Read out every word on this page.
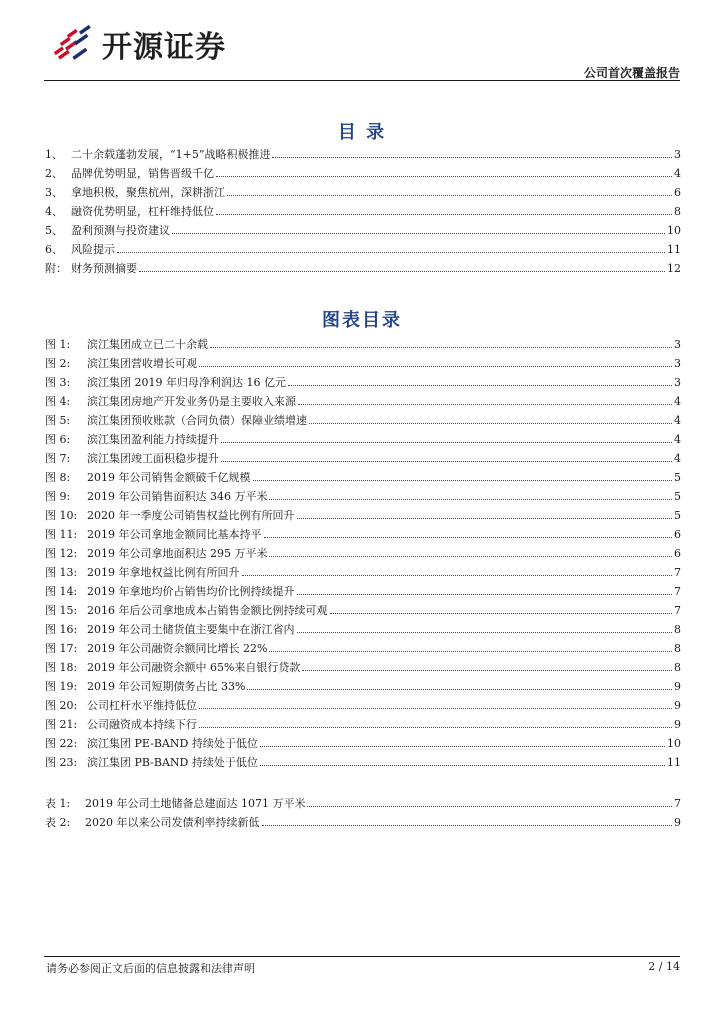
开源证券
公司首次覆盖报告
目 录
1、 二十余载蓬勃发展，“1+5”战略积极推进	3
2、 品牌优势明显，销售晋级千亿	4
3、 拿地积极，聚焦杭州，深耕浙江	6
4、 融资优势明显，杠杆维持低位	8
5、 盈利预测与投资建议	10
6、 风险提示	11
附： 财务预测摘要	12
图表目录
图 1:	滨江集团成立已二十余载	3
图 2:	滨江集团营收增长可观	3
图 3:	滨江集团 2019 年归母净利润达 16 亿元	3
图 4:	滨江集团房地产开发业务仍是主要收入来源	4
图 5:	滨江集团预收账款（合同负债）保障业绩增速	4
图 6:	滨江集团盈利能力持续提升	4
图 7:	滨江集团竣工面积稳步提升	4
图 8:	2019 年公司销售金额破千亿规模	5
图 9:	2019 年公司销售面积达 346 万平米	5
图 10: 2020 年一季度公司销售权益比例有所回升	5
图 11: 2019 年公司拿地金额同比基本持平	6
图 12: 2019 年公司拿地面积达 295 万平米	6
图 13: 2019 年拿地权益比例有所回升	7
图 14: 2019 年拿地均价占销售均价比例持续提升	7
图 15: 2016 年后公司拿地成本占销售金额比例持续可观	7
图 16: 2019 年公司土储货值主要集中在浙江省内	8
图 17: 2019 年公司融资余额同比增长 22%	8
图 18: 2019 年公司融资余额中 65%来自银行贷款	8
图 19: 2019 年公司短期债务占比 33%	9
图 20: 公司杠杆水平维持低位	9
图 21: 公司融资成本持续下行	9
图 22: 滨江集团 PE-BAND 持续处于低位	10
图 23: 滨江集团 PB-BAND 持续处于低位	11
表 1:	2019 年公司土地储备总建面达 1071 万平米	7
表 2:	2020 年以来公司发债利率持续新低	9
请务必参阅正文后面的信息披露和法律声明	2 / 14
